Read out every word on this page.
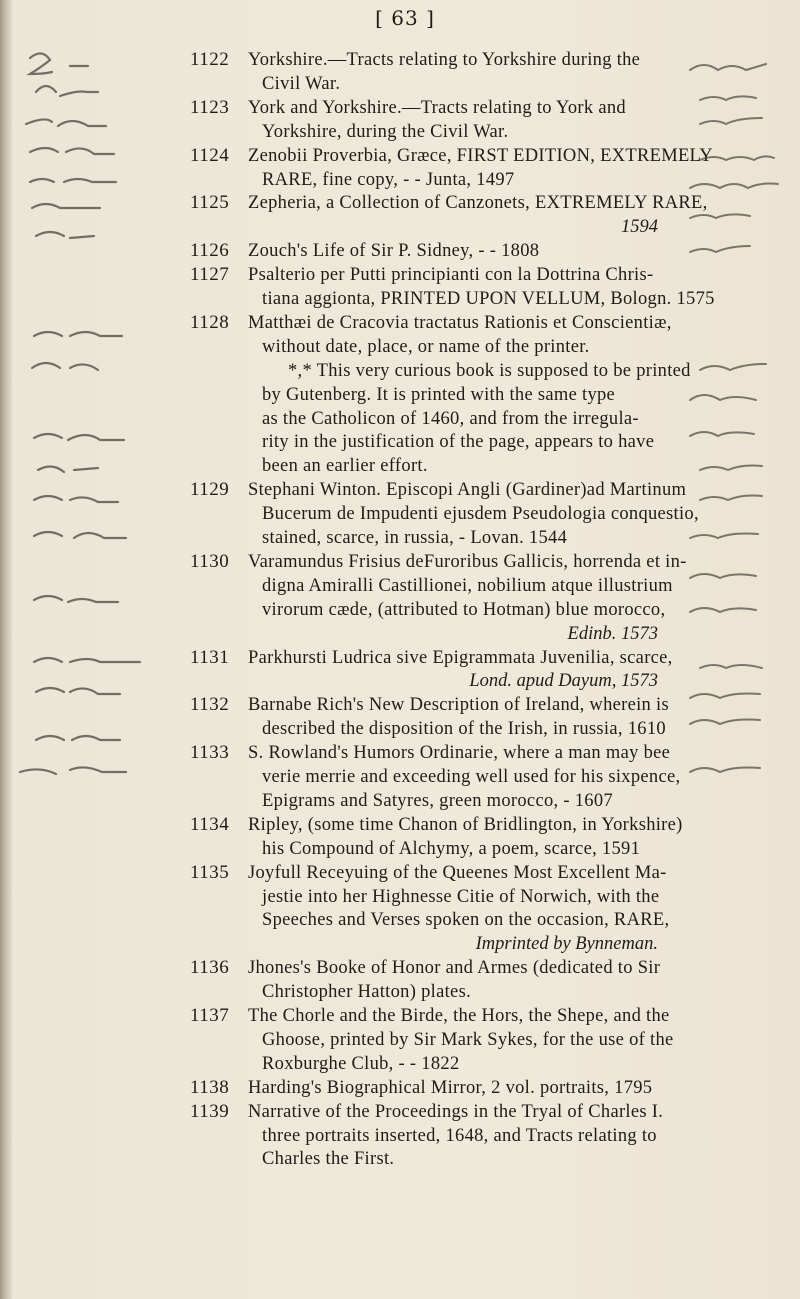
[ 63 ]
1122	Yorkshire.—Tracts relating to Yorkshire during the
Civil War.
1123	York and Yorkshire.—Tracts relating to York and
Yorkshire, during the Civil War.
1124	Zenobii Proverbia, Græce, FIRST EDITION, EXTREMELY
RARE, fine copy, - - Junta, 1497
1125	Zepheria, a Collection of Canzonets, EXTREMELY RARE,
1594
1126	Zouch's Life of Sir P. Sidney, - - 1808
1127	Psalterio per Putti principianti con la Dottrina Chris-
tiana aggionta, PRINTED UPON VELLUM, Bologn. 1575
1128	Matthæi de Cracovia tractatus Rationis et Conscientiæ,
without date, place, or name of the printer.
*,* This very curious book is supposed to be printed
by Gutenberg. It is printed with the same type
as the Catholicon of 1460, and from the irregula-
rity in the justification of the page, appears to have
been an earlier effort.
1129	Stephani Winton. Episcopi Angli (Gardiner)ad Martinum
Bucerum de Impudenti ejusdem Pseudologia conquestio,
stained, scarce, in russia, - Lovan. 1544
1130	Varamundus Frisius deFuroribus Gallicis, horrenda et in-
digna Amiralli Castillionei, nobilium atque illustrium
virorum cæde, (attributed to Hotman) blue morocco,
Edinb. 1573
1131	Parkhursti Ludrica sive Epigrammata Juvenilia, scarce,
Lond. apud Dayum, 1573
1132	Barnabe Rich's New Description of Ireland, wherein is
described the disposition of the Irish, in russia, 1610
1133	S. Rowland's Humors Ordinarie, where a man may bee
verie merrie and exceeding well used for his sixpence,
Epigrams and Satyres, green morocco, - 1607
1134	Ripley, (some time Chanon of Bridlington, in Yorkshire)
his Compound of Alchymy, a poem, scarce, 1591
1135	Joyfull Receyuing of the Queenes Most Excellent Ma-
jestie into her Highnesse Citie of Norwich, with the
Speeches and Verses spoken on the occasion, RARE,
Imprinted by Bynneman.
1136	Jhones's Booke of Honor and Armes (dedicated to Sir
Christopher Hatton) plates.
1137	The Chorle and the Birde, the Hors, the Shepe, and the
Ghoose, printed by Sir Mark Sykes, for the use of the
Roxburghe Club, - - 1822
1138	Harding's Biographical Mirror, 2 vol. portraits, 1795
1139	Narrative of the Proceedings in the Tryal of Charles I.
three portraits inserted, 1648, and Tracts relating to
Charles the First.
